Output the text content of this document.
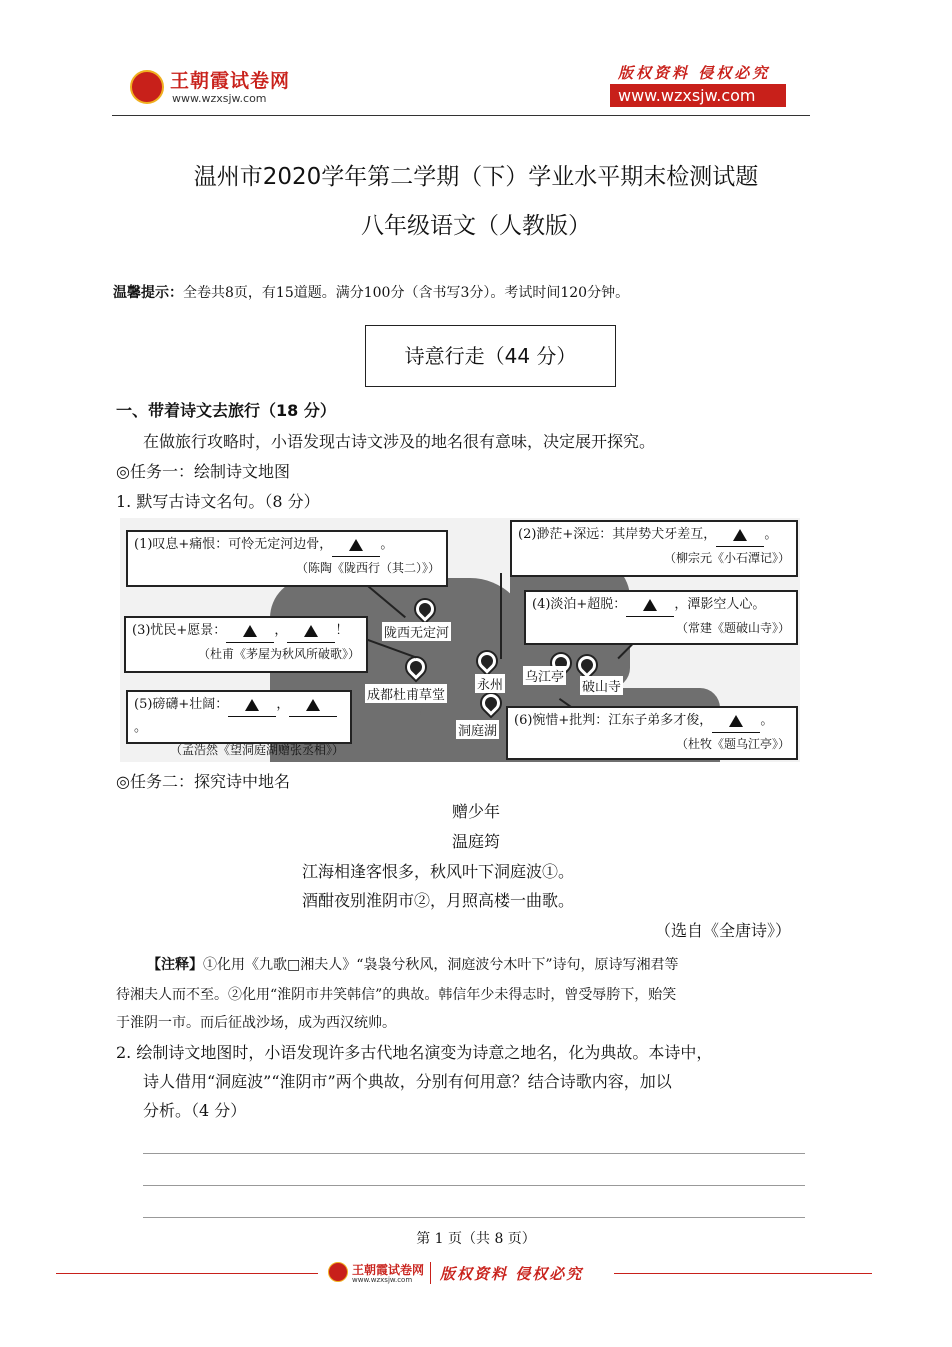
王朝霞试卷网
www.wzxsjw.com
版权资料 侵权必究
www.wzxsjw.com
温州市2020学年第二学期（下）学业水平期末检测试题
八年级语文（人教版）
温馨提示：全卷共8页，有15道题。满分100分（含书写3分）。考试时间120分钟。
诗意行走（44 分）
一、带着诗文去旅行（18 分）
在做旅行攻略时，小语发现古诗文涉及的地名很有意味，决定展开探究。
◎任务一：绘制诗文地图
1. 默写古诗文名句。（8 分）
陇西无定河
成都杜甫草堂
永州
乌江亭
破山寺
洞庭湖
(1)叹息+痛恨：可怜无定河边骨，	。
（陈陶《陇西行（其二）》）
(2)渺茫+深远：其岸势犬牙差互，	。
（柳宗元《小石潭记》）
(3)忧民+愿景：	，	！
（杜甫《茅屋为秋风所破歌》）
(4)淡泊+超脱：	，潭影空人心。
（常建《题破山寺》）
(5)磅礴+壮阔：	，。
（孟浩然《望洞庭湖赠张丞相》）
(6)惋惜+批判：江东子弟多才俊，	。
（杜牧《题乌江亭》）
◎任务二：探究诗中地名
赠少年
温庭筠
江海相逢客恨多，秋风叶下洞庭波①。
酒酣夜别淮阴市②，月照高楼一曲歌。
（选自《全唐诗》）
【注释】①化用《九歌□湘夫人》“袅袅兮秋风，洞庭波兮木叶下”诗句，原诗写湘君等
待湘夫人而不至。②化用“淮阴市井笑韩信”的典故。韩信年少未得志时，曾受辱胯下，贻笑
于淮阴一市。而后征战沙场，成为西汉统帅。
2. 绘制诗文地图时，小语发现许多古代地名演变为诗意之地名，化为典故。本诗中，
诗人借用“洞庭波”“淮阴市”两个典故，分别有何用意？结合诗歌内容，加以
分析。（4 分）
第 1 页（共 8 页）
王朝霞试卷网
www.wzxsjw.com 版权资料 侵权必究
